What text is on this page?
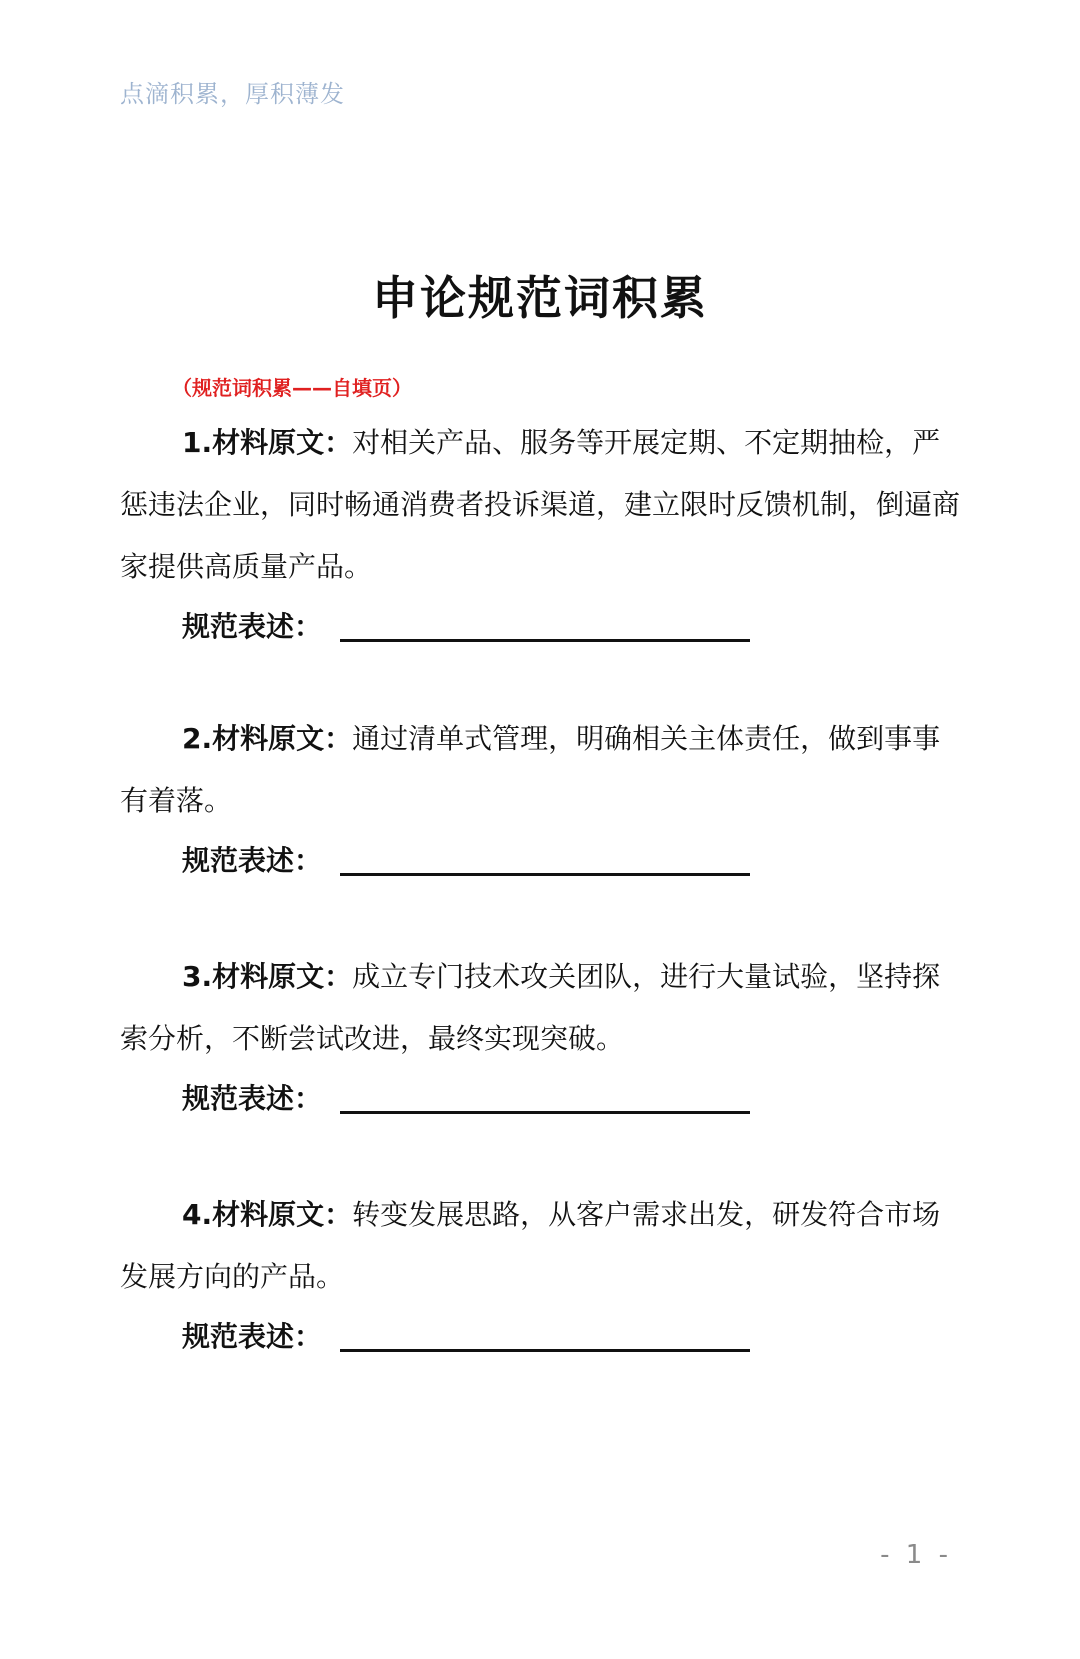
点滴积累，厚积薄发
申论规范词积累
（规范词积累——自填页）

1.材料原文：对相关产品、服务等开展定期、不定期抽检，严惩违法企业，同时畅通消费者投诉渠道，建立限时反馈机制，倒逼商家提供高质量产品。

规范表述：

2.材料原文：通过清单式管理，明确相关主体责任，做到事事有着落。

规范表述：

3.材料原文：成立专门技术攻关团队，进行大量试验，坚持探索分析，不断尝试改进，最终实现突破。

规范表述：

4.材料原文：转变发展思路，从客户需求出发，研发符合市场发展方向的产品。

规范表述：
- 1 -
